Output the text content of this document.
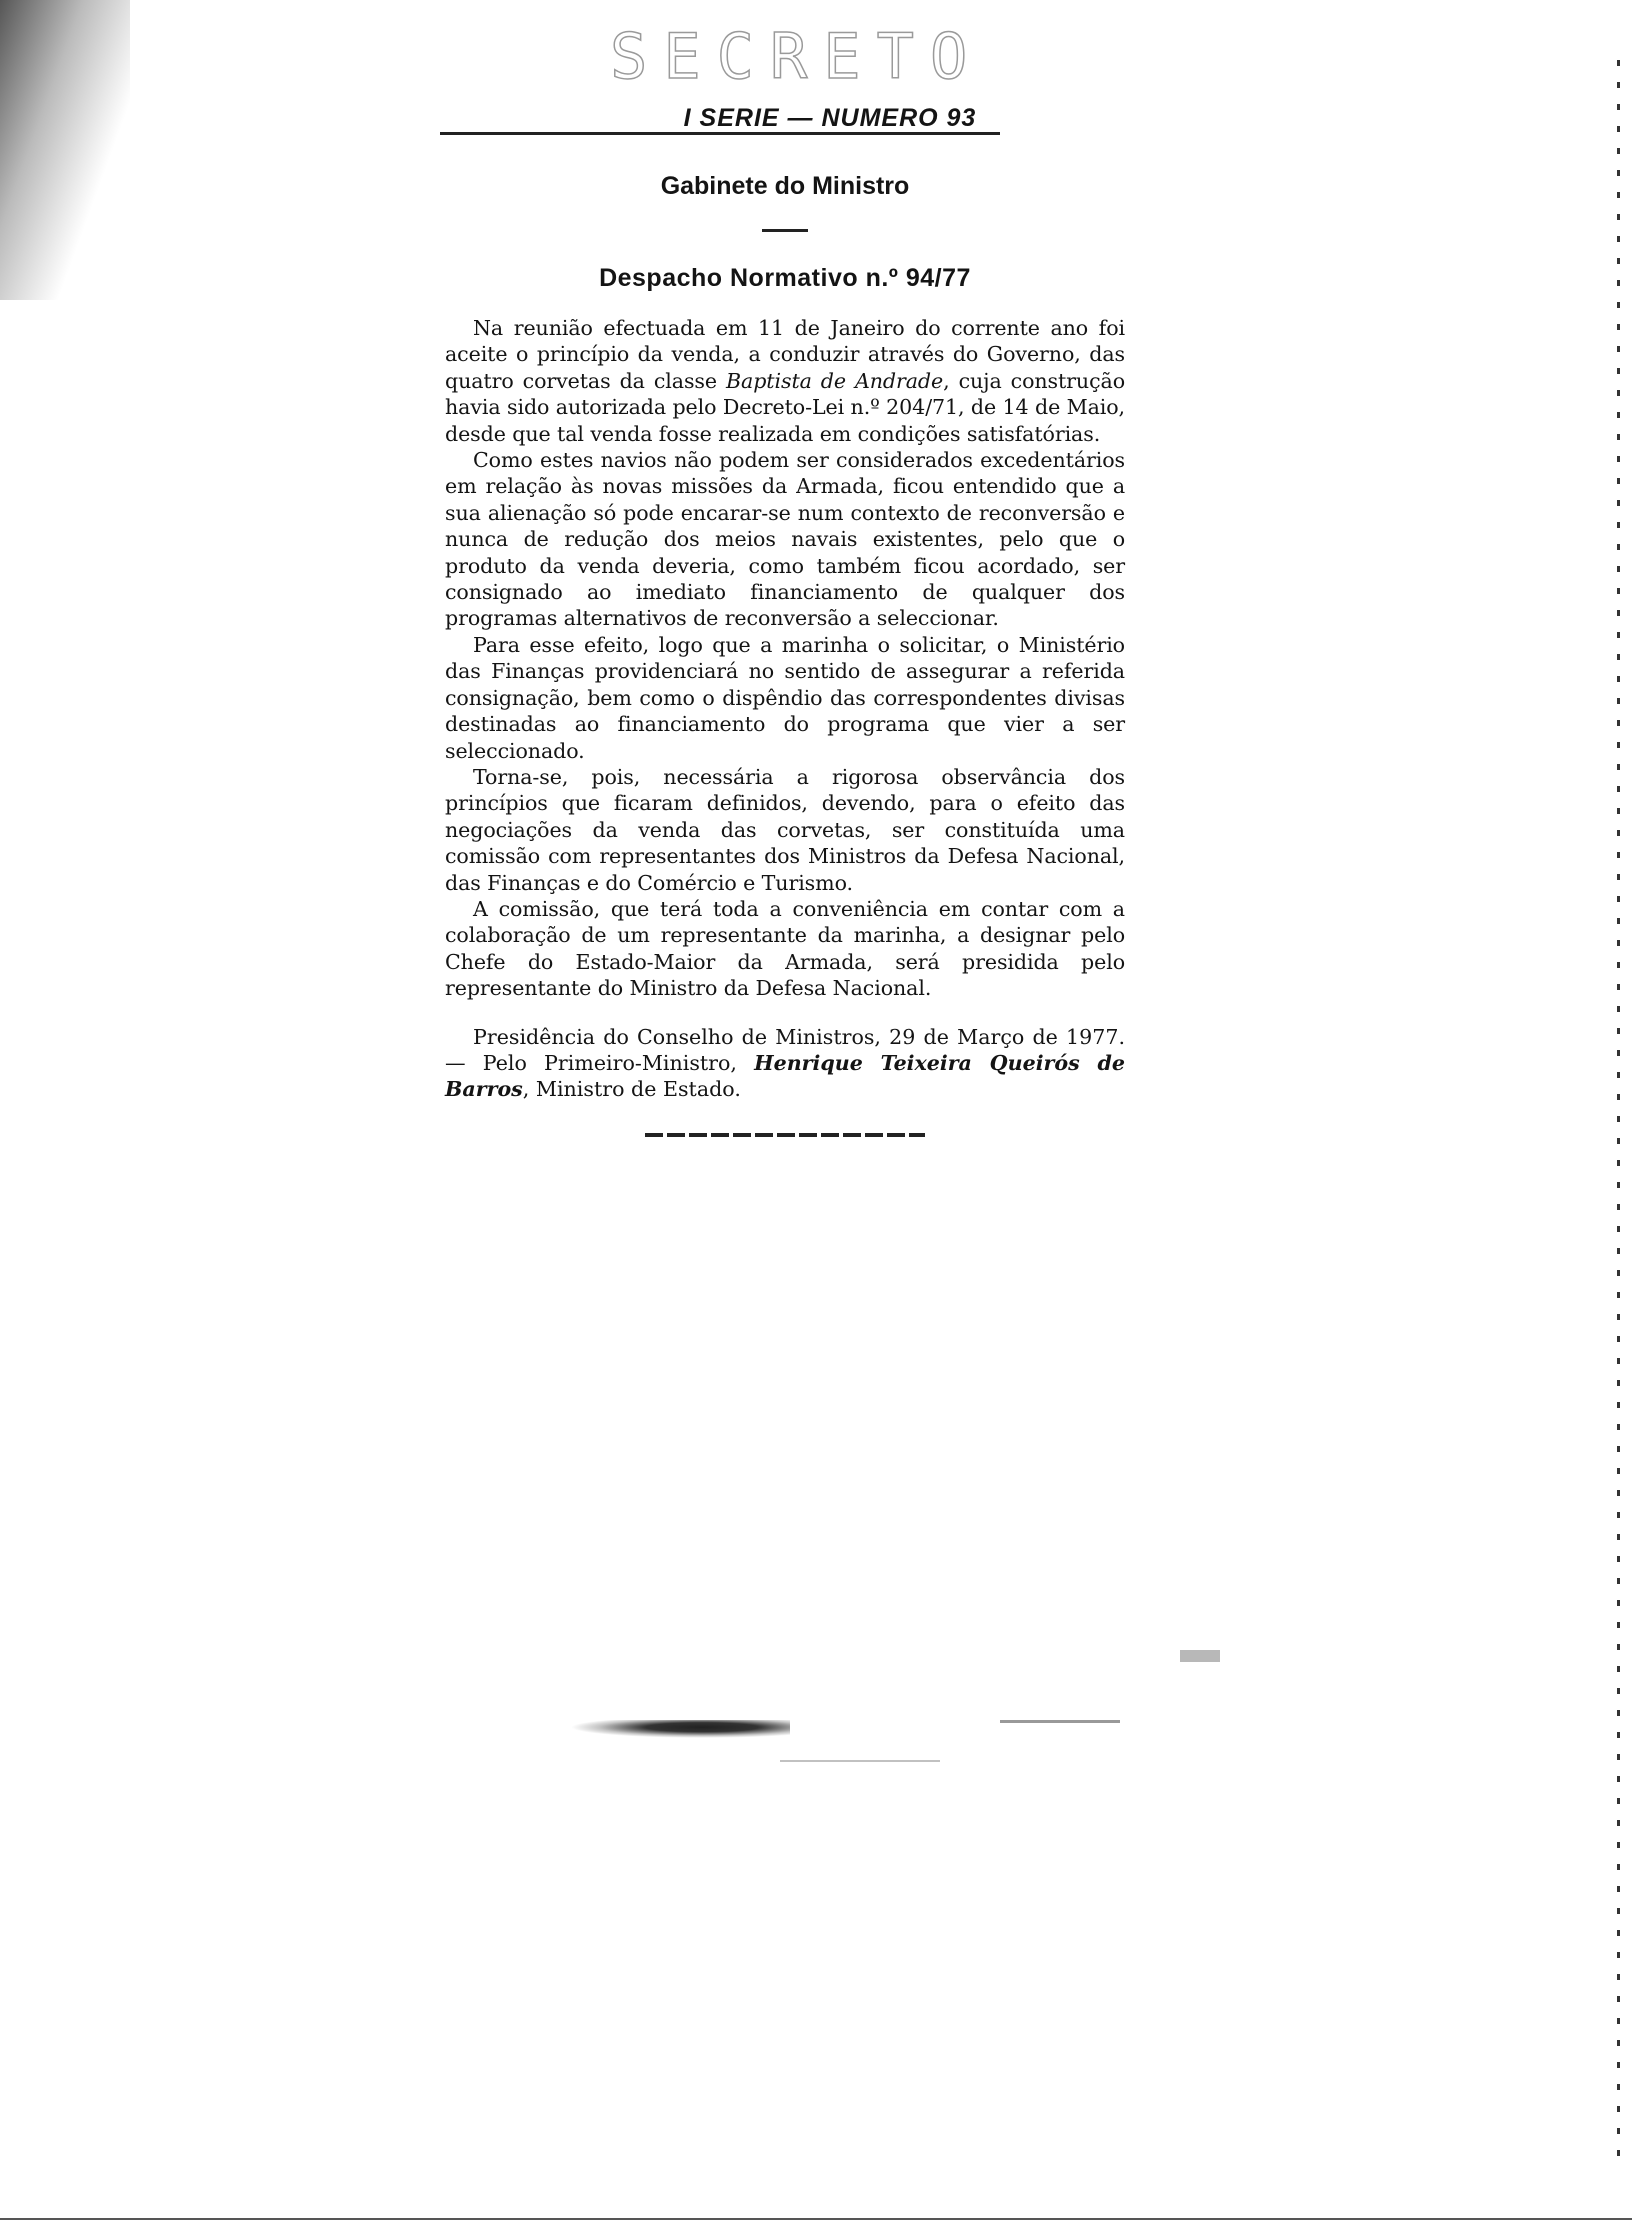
SECRETO
I SERIE — NUMERO 93
Gabinete do Ministro
Despacho Normativo n.º 94/77

Na reunião efectuada em 11 de Janeiro do corrente ano foi aceite o princípio da venda, a conduzir através do Governo, das quatro corvetas da classe Baptista de Andrade, cuja construção havia sido autorizada pelo Decreto-Lei n.º 204/71, de 14 de Maio, desde que tal venda fosse realizada em condições satisfatórias.

Como estes navios não podem ser considerados excedentários em relação às novas missões da Armada, ficou entendido que a sua alienação só pode encarar-se num contexto de reconversão e nunca de redução dos meios navais existentes, pelo que o produto da venda deveria, como também ficou acordado, ser consignado ao imediato financiamento de qualquer dos programas alternativos de reconversão a seleccionar.

Para esse efeito, logo que a marinha o solicitar, o Ministério das Finanças providenciará no sentido de assegurar a referida consignação, bem como o dispêndio das correspondentes divisas destinadas ao financiamento do programa que vier a ser seleccionado.

Torna-se, pois, necessária a rigorosa observância dos princípios que ficaram definidos, devendo, para o efeito das negociações da venda das corvetas, ser constituída uma comissão com representantes dos Ministros da Defesa Nacional, das Finanças e do Comércio e Turismo.

A comissão, que terá toda a conveniência em contar com a colaboração de um representante da marinha, a designar pelo Chefe do Estado-Maior da Armada, será presidida pelo representante do Ministro da Defesa Nacional.

Presidência do Conselho de Ministros, 29 de Março de 1977. — Pelo Primeiro-Ministro, Henrique Teixeira Queirós de Barros, Ministro de Estado.
